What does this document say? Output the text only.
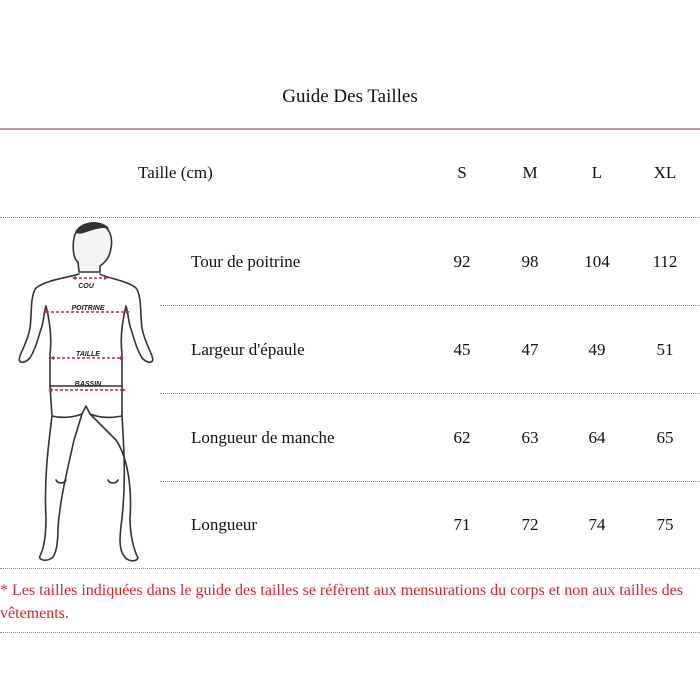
Guide Des Tailles
Taille (cm)	S	M	L	XL
Tour de poitrine	92	98	104	112
Largeur d'épaule	45	47	49	51
Longueur de manche	62	63	64	65
Longueur	71	72	74	75
COU
POITRINE
TAILLE
BASSIN
* Les tailles indiquées dans le guide des tailles se réfèrent aux mensurations du corps et non aux tailles des vêtements.
